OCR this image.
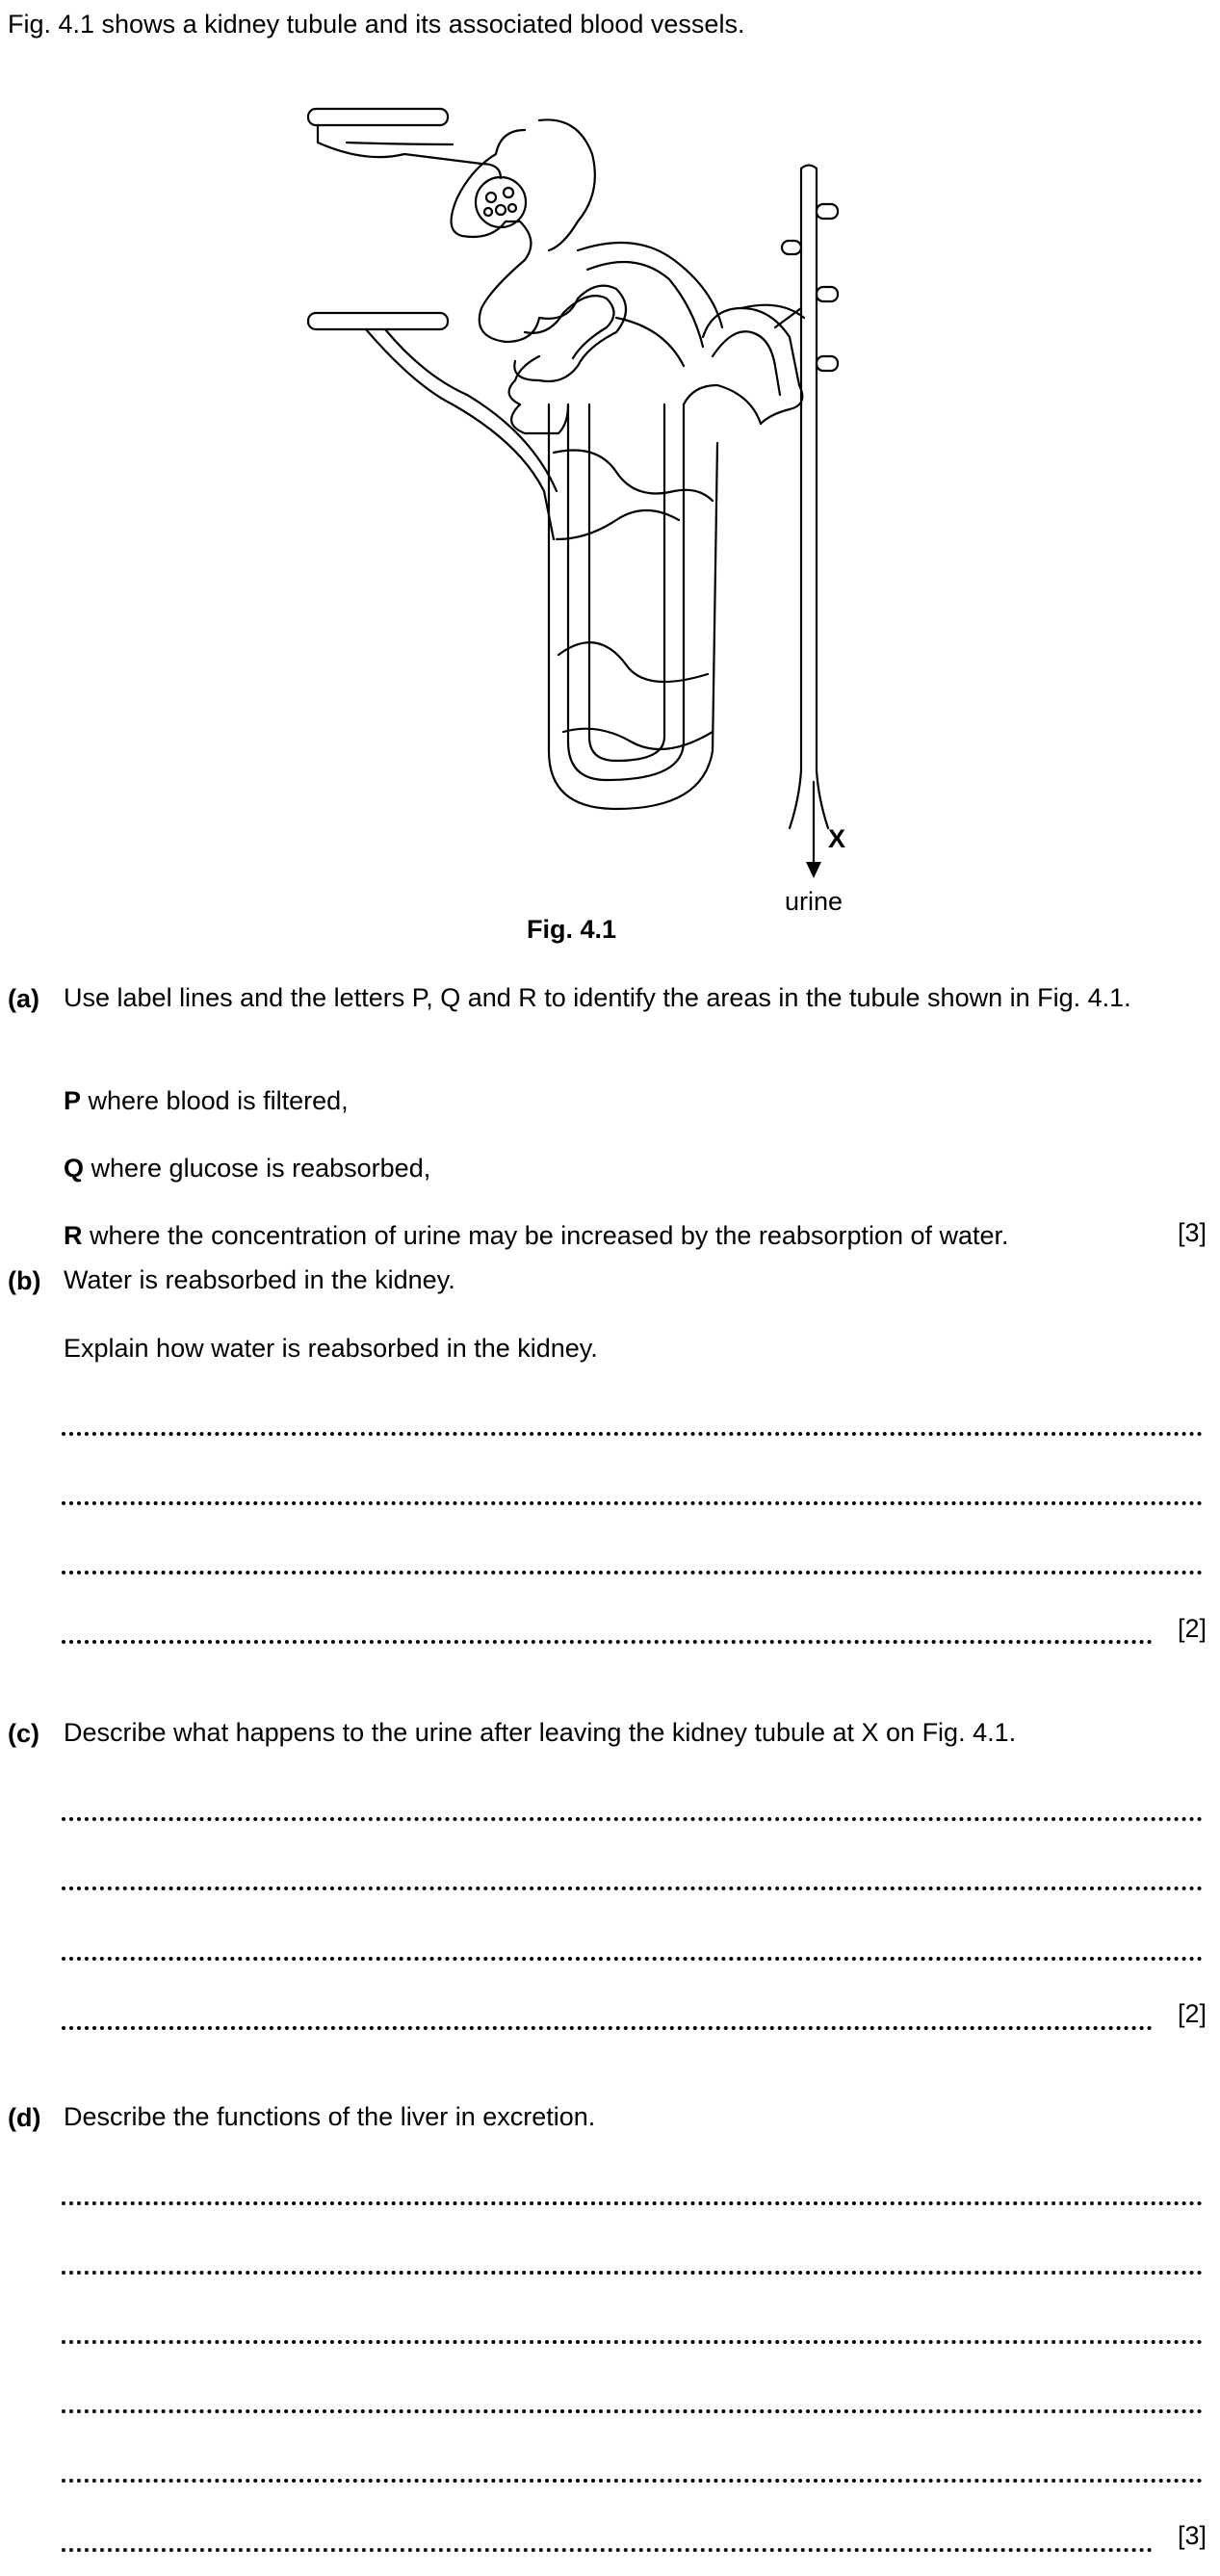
Fig. 4.1 shows a kidney tubule and its associated blood vessels.
X
urine
Fig. 4.1
(a) Use label lines and the letters P, Q and R to identify the areas in the tubule shown in Fig. 4.1.
P where blood is filtered,
Q where glucose is reabsorbed,
R where the concentration of urine may be increased by the reabsorption of water.	[3]
(b) Water is reabsorbed in the kidney.
Explain how water is reabsorbed in the kidney.
[2]
(c) Describe what happens to the urine after leaving the kidney tubule at X on Fig. 4.1.
[2]
(d) Describe the functions of the liver in excretion.
[3]
